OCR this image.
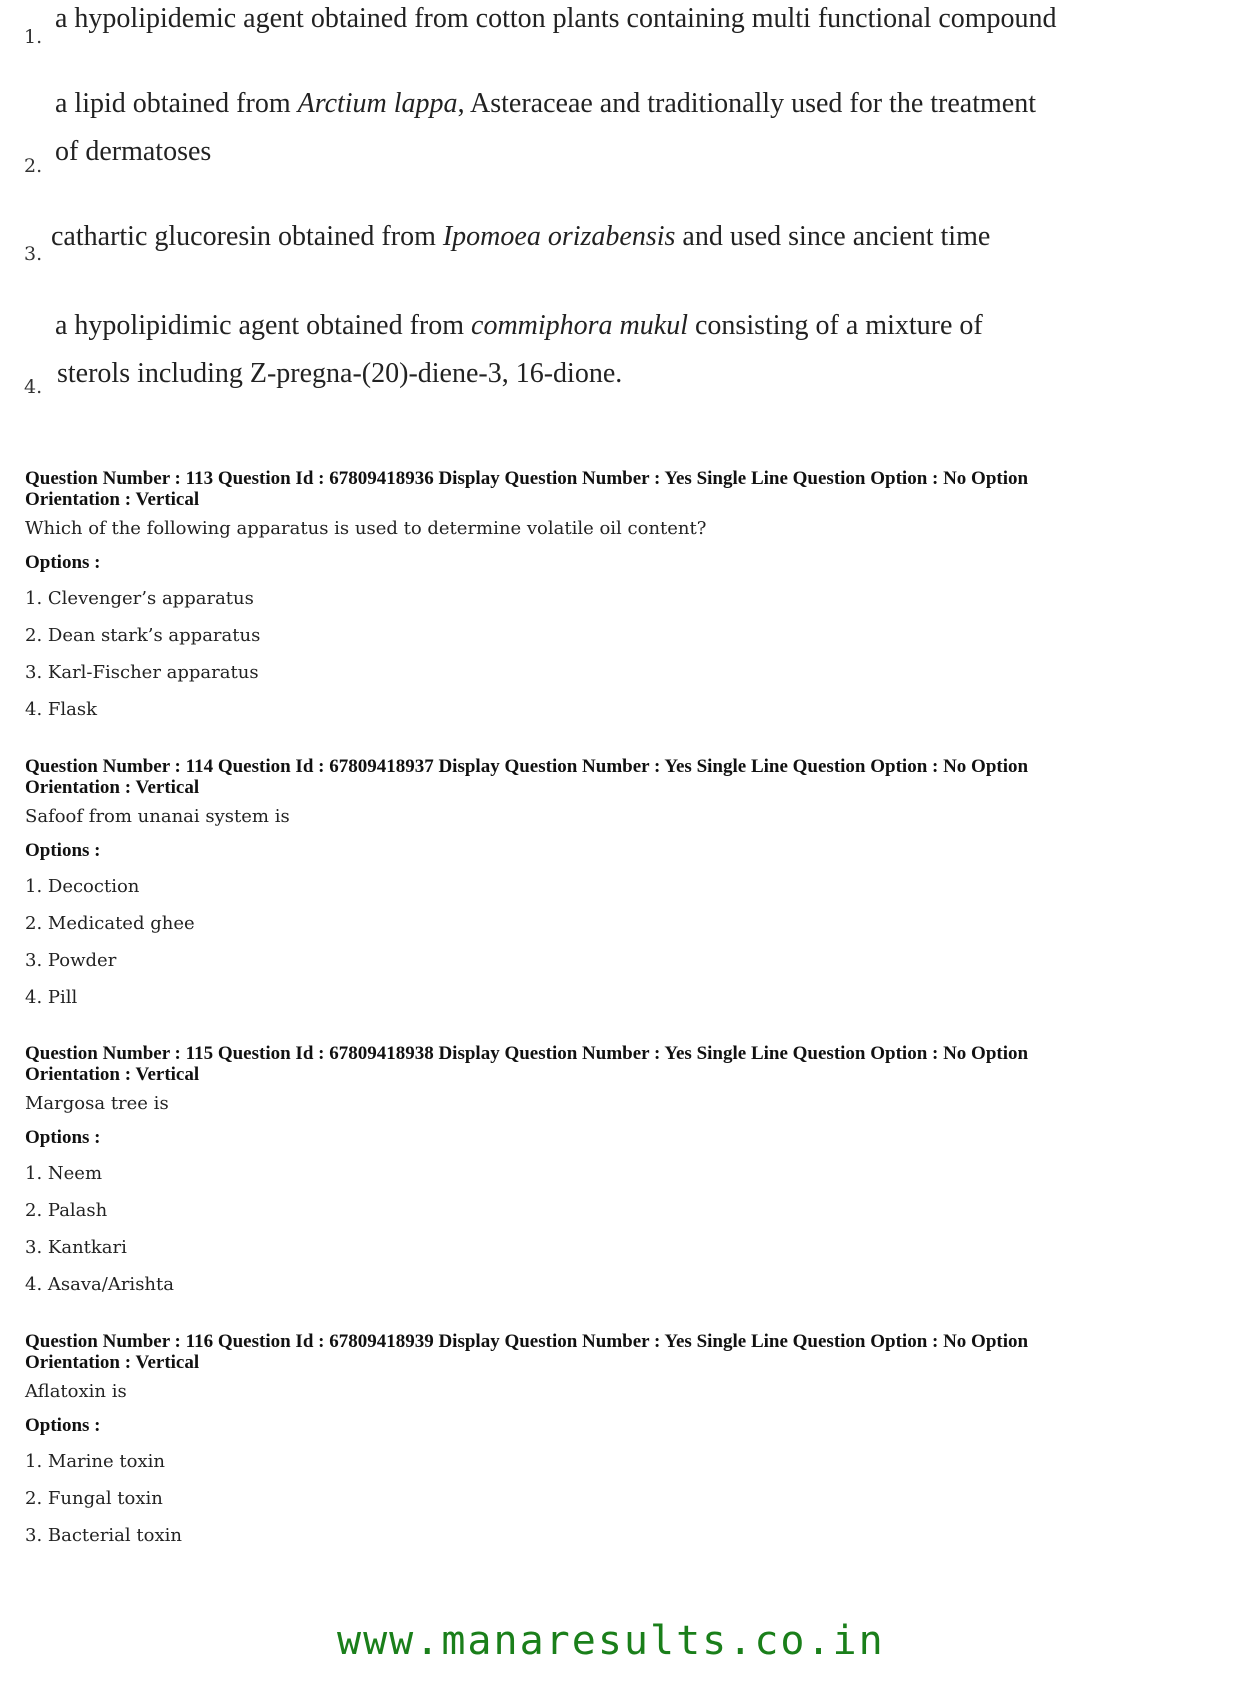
1.
a hypolipidemic agent obtained from cotton plants containing multi functional compound
2.
a lipid obtained from Arctium lappa, Asteraceae and traditionally used for the treatment
of dermatoses
3.
cathartic glucoresin obtained from Ipomoea orizabensis and used since ancient time
4.
a hypolipidimic agent obtained from commiphora mukul consisting of a mixture of
sterols including Z-pregna-(20)-diene-3, 16-dione.
Question Number : 113 Question Id : 67809418936 Display Question Number : Yes Single Line Question Option : No Option
Orientation : Vertical
Which of the following apparatus is used to determine volatile oil content?
Options :
1. Clevenger’s apparatus
2. Dean stark’s apparatus
3. Karl-Fischer apparatus
4. Flask
Question Number : 114 Question Id : 67809418937 Display Question Number : Yes Single Line Question Option : No Option
Orientation : Vertical
Safoof from unanai system is
Options :
1. Decoction
2. Medicated ghee
3. Powder
4. Pill
Question Number : 115 Question Id : 67809418938 Display Question Number : Yes Single Line Question Option : No Option
Orientation : Vertical
Margosa tree is
Options :
1. Neem
2. Palash
3. Kantkari
4. Asava/Arishta
Question Number : 116 Question Id : 67809418939 Display Question Number : Yes Single Line Question Option : No Option
Orientation : Vertical
Aflatoxin is
Options :
1. Marine toxin
2. Fungal toxin
3. Bacterial toxin
www.manaresults.co.in
